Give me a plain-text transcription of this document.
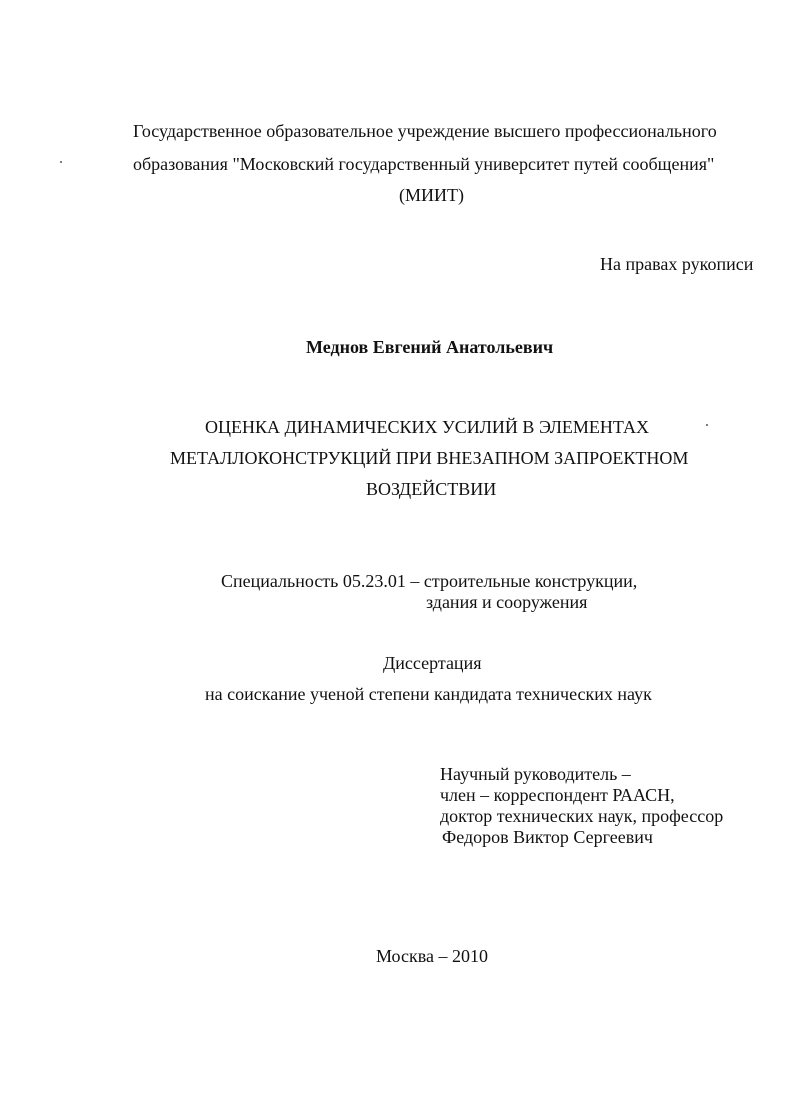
Государственное образовательное учреждение высшего профессионального
образования "Московский государственный университет путей сообщения"
(МИИТ)
На правах рукописи
Меднов Евгений Анатольевич
ОЦЕНКА ДИНАМИЧЕСКИХ УСИЛИЙ В ЭЛЕМЕНТАХ
МЕТАЛЛОКОНСТРУКЦИЙ ПРИ ВНЕЗАПНОМ ЗАПРОЕКТНОМ
ВОЗДЕЙСТВИИ
Специальность 05.23.01 – строительные конструкции,
здания и сооружения
Диссертация
на соискание ученой степени кандидата технических наук
Научный руководитель –
член – корреспондент РААСН,
доктор технических наук, профессор
Федоров Виктор Сергеевич
Москва – 2010
